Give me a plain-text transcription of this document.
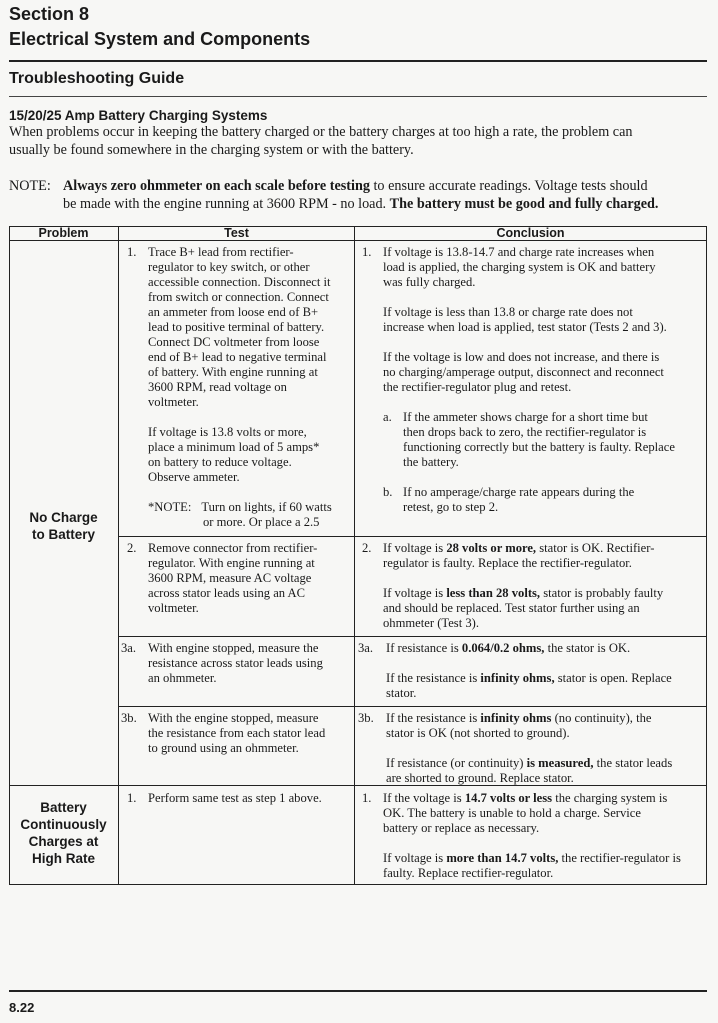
Section 8
Electrical System and Components
Troubleshooting Guide
15/20/25 Amp Battery Charging Systems
When problems occur in keeping the battery charged or the battery charges at too high a rate, the problem can
usually be found somewhere in the charging system or with the battery.
NOTE: Always zero ohmmeter on each scale before testing to ensure accurate readings. Voltage tests should
be made with the engine running at 3600 RPM - no load. The battery must be good and fully charged.
Problem	Test	Conclusion
No Charge
to Battery
Battery
Continuously
Charges at
High Rate
1. Trace B+ lead from rectifier-
regulator to key switch, or other
accessible connection. Disconnect it
from switch or connection. Connect
an ammeter from loose end of B+
lead to positive terminal of battery.
Connect DC voltmeter from loose
end of B+ lead to negative terminal
of battery. With engine running at
3600 RPM, read voltage on
voltmeter.
If voltage is 13.8 volts or more,
place a minimum load of 5 amps*
on battery to reduce voltage.
Observe ammeter.
*NOTE: Turn on lights, if 60 watts
or more. Or place a 2.5
2. Remove connector from rectifier-
regulator. With engine running at
3600 RPM, measure AC voltage
across stator leads using an AC
voltmeter.
3a. With engine stopped, measure the
resistance across stator leads using
an ohmmeter.
3b. With the engine stopped, measure
the resistance from each stator lead
to ground using an ohmmeter.
1. Perform same test as step 1 above.
1. If voltage is 13.8-14.7 and charge rate increases when
load is applied, the charging system is OK and battery
was fully charged.
If voltage is less than 13.8 or charge rate does not
increase when load is applied, test stator (Tests 2 and 3).
If the voltage is low and does not increase, and there is
no charging/amperage output, disconnect and reconnect
the rectifier-regulator plug and retest.
a. If the ammeter shows charge for a short time but
then drops back to zero, the rectifier-regulator is
functioning correctly but the battery is faulty. Replace
the battery.
b. If no amperage/charge rate appears during the
retest, go to step 2.
2. If voltage is 28 volts or more, stator is OK. Rectifier-
regulator is faulty. Replace the rectifier-regulator.
If voltage is less than 28 volts, stator is probably faulty
and should be replaced. Test stator further using an
ohmmeter (Test 3).
3a. If resistance is 0.064/0.2 ohms, the stator is OK.
If the resistance is infinity ohms, stator is open. Replace
stator.
3b. If the resistance is infinity ohms (no continuity), the
stator is OK (not shorted to ground).
If resistance (or continuity) is measured, the stator leads
are shorted to ground. Replace stator.
1. If the voltage is 14.7 volts or less the charging system is
OK. The battery is unable to hold a charge. Service
battery or replace as necessary.
If voltage is more than 14.7 volts, the rectifier-regulator is
faulty. Replace rectifier-regulator.
8.22
